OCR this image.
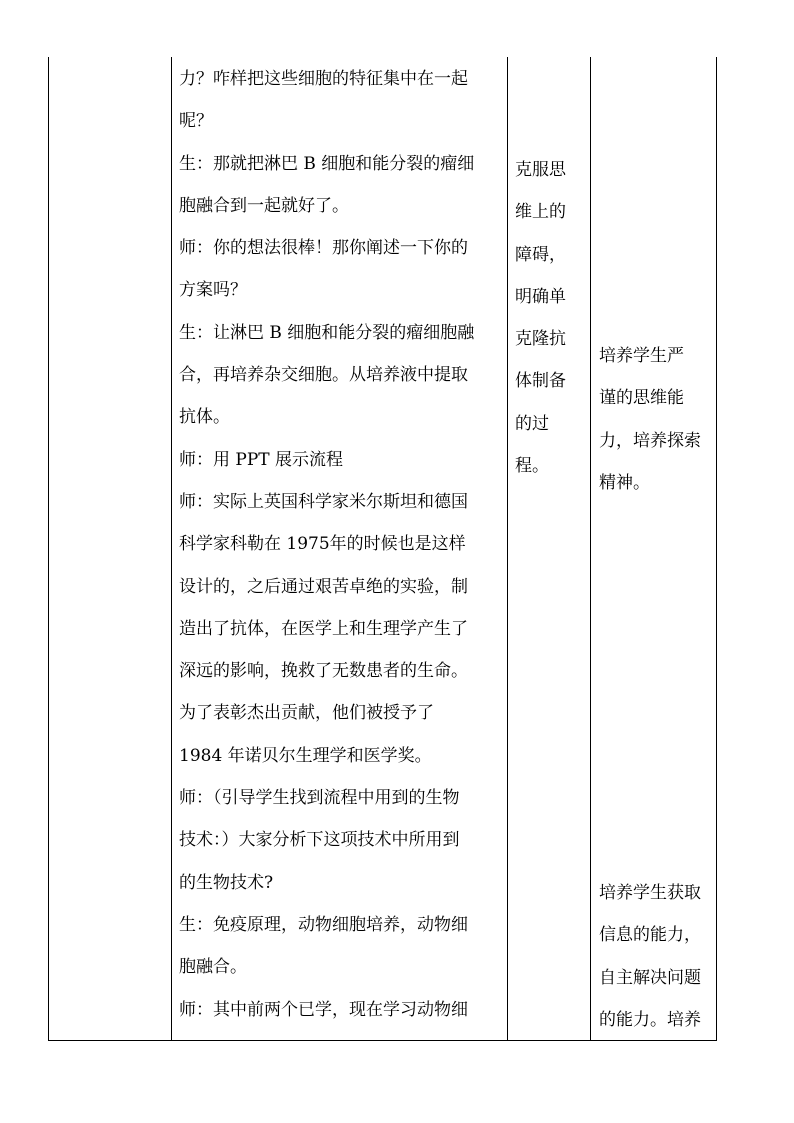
力？咋样把这些细胞的特征集中在一起
呢？
生：那就把淋巴 B 细胞和能分裂的瘤细
胞融合到一起就好了。
师：你的想法很棒！那你阐述一下你的
方案吗？
生：让淋巴 B 细胞和能分裂的瘤细胞融
合，再培养杂交细胞。从培养液中提取
抗体。
师：用 PPT 展示流程
师：实际上英国科学家米尔斯坦和德国
科学家科勒在 1975年的时候也是这样
设计的，之后通过艰苦卓绝的实验，制
造出了抗体，在医学上和生理学产生了
深远的影响，挽救了无数患者的生命。
为了表彰杰出贡献，他们被授予了
1984 年诺贝尔生理学和医学奖。
师：（引导学生找到流程中用到的生物
技术：）大家分析下这项技术中所用到
的生物技术?
生：免疫原理，动物细胞培养，动物细
胞融合。
师：其中前两个已学，现在学习动物细
克服思
维上的
障碍，
明确单
克隆抗
体制备
的过
程。
培养学生严
谨的思维能
力，培养探索
精神。
培养学生获取
信息的能力，
自主解决问题
的能力。培养
